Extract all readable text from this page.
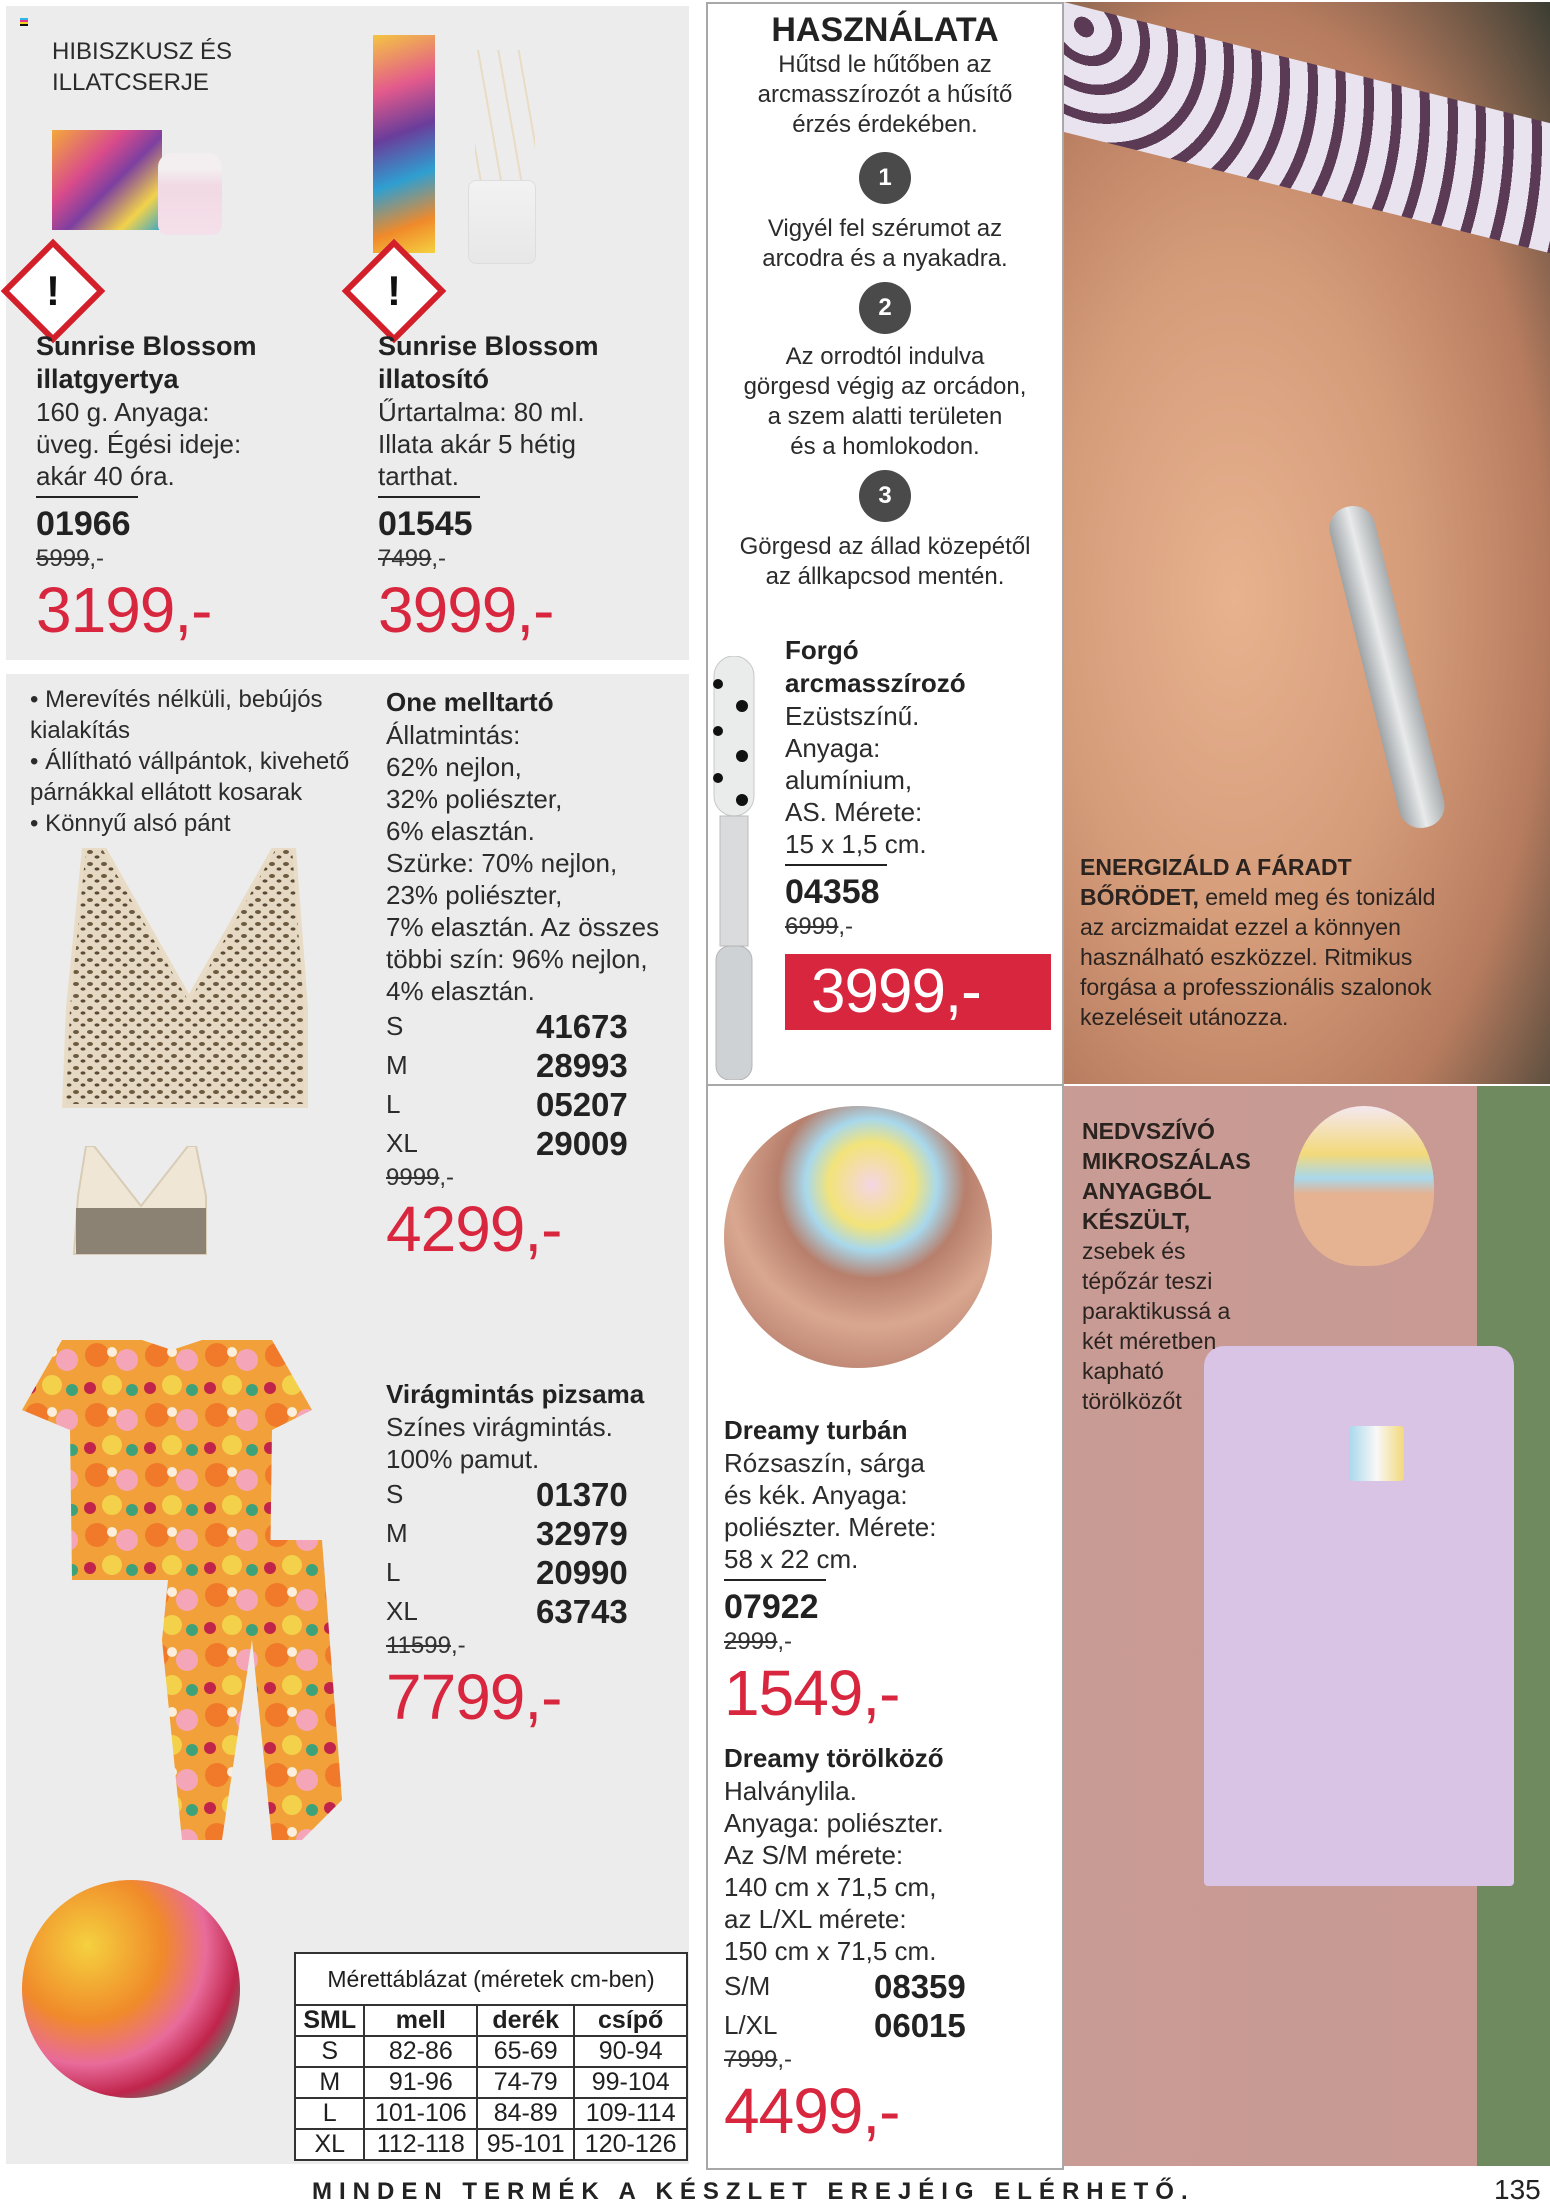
HIBISZKUSZ ÉS
ILLATCSERJE
!	!
Sunrise Blossom
illatgyertya
160 g. Anyaga:
üveg. Égési ideje:
akár 40 óra.
01966
5999,-
3199,-
Sunrise Blossom
illatosító
Űrtartalma: 80 ml.
Illata akár 5 hétig
tarthat.
01545
7499,-
3999,-
• Merevítés nélküli, bebújós kialakítás
• Állítható vállpántok, kivehető párnákkal ellátott kosarak
• Könnyű alsó pánt
One melltartó
Állatmintás:
62% nejlon,
32% poliészter,
6% elasztán.
Szürke: 70% nejlon,
23% poliészter,
7% elasztán. Az összes
többi szín: 96% nejlon,
4% elasztán.
S	41673
M	28993
L	05207
XL	29009
9999,-
4299,-
Virágmintás pizsama
Színes virágmintás.
100% pamut.
S	01370
M	32979
L	20990
XL	63743
11599,-
7799,-
Mérettáblázat (méretek cm-ben)			
SML	mell	derék	csípő
S	82-86	65-69	90-94
M	91-96	74-79	99-104
L	101-106	84-89	109-114
XL	112-118	95-101	120-126
HASZNÁLATA
Hűtsd le hűtőben az
arcmasszírozót a hűsítő
érzés érdekében.
1
Vigyél fel szérumot az
arcodra és a nyakadra.
2
Az orrodtól indulva
görgesd végig az orcádon,
a szem alatti területen
és a homlokodon.
3
Görgesd az állad közepétől
az állkapcsod mentén.
Forgó
arcmasszírozó
Ezüstszínű.
Anyaga:
alumínium,
AS. Mérete:
15 x 1,5 cm.
04358
6999,-
3999,-
Dreamy turbán
Rózsaszín, sárga
és kék. Anyaga:
poliészter. Mérete:
58 x 22 cm.
07922
2999,-
1549,-
Dreamy törölköző
Halványlila.
Anyaga: poliészter.
Az S/M mérete:
140 cm x 71,5 cm,
az L/XL mérete:
150 cm x 71,5 cm.
S/M	08359
L/XL	06015
7999,-
4499,-
ENERGIZÁLD A FÁRADT BŐRÖDET, emeld meg és tonizáld az arcizmaidat ezzel a könnyen használható eszközzel. Ritmikus forgása a professzionális szalonok kezeléseit utánozza.
NEDVSZÍVÓ
MIKROSZÁLAS
ANYAGBÓL
KÉSZÜLT,
zsebek és
tépőzár teszi
paraktikussá a
két méretben
kapható
törölközőt
MINDEN TERMÉK A KÉSZLET EREJÉIG ELÉRHETŐ.	135
